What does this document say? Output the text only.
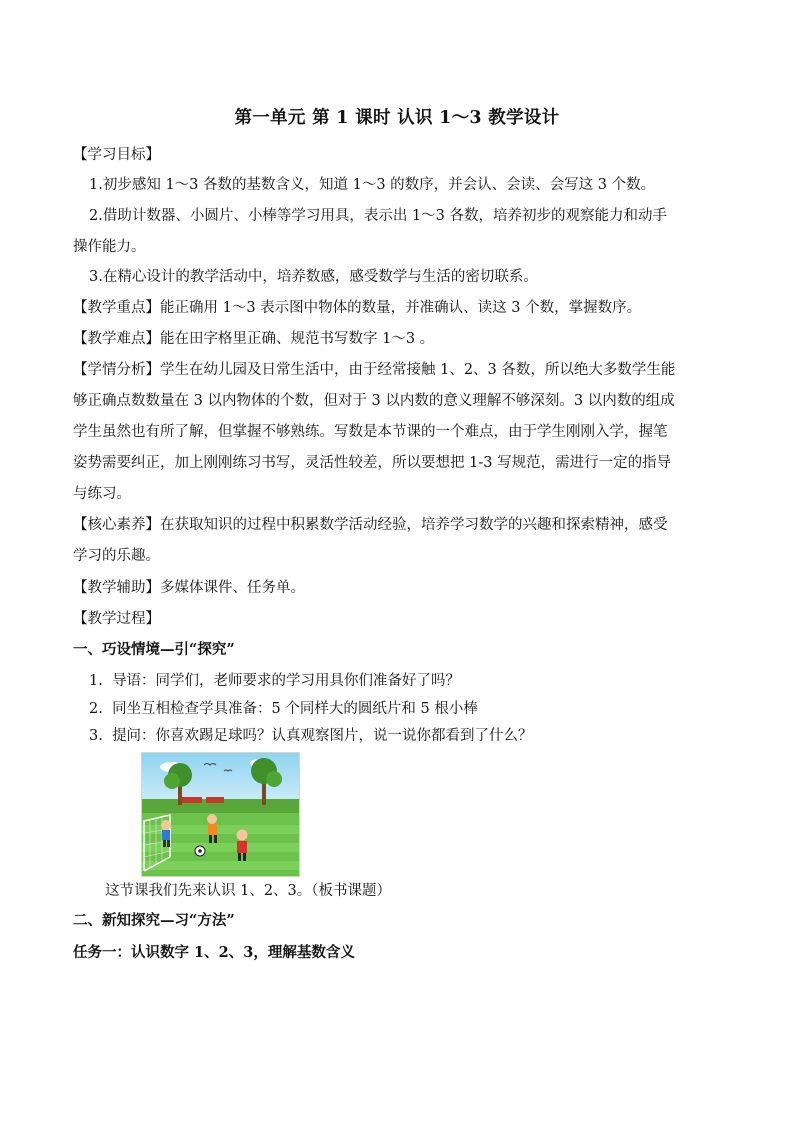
第一单元 第 1 课时 认识 1～3 教学设计
【学习目标】
1.初步感知 1～3 各数的基数含义，知道 1～3 的数序，并会认、会读、会写这 3 个数。
2.借助计数器、小圆片、小棒等学习用具，表示出 1～3 各数，培养初步的观察能力和动手
操作能力。
3.在精心设计的教学活动中，培养数感，感受数学与生活的密切联系。
【教学重点】能正确用 1～3 表示图中物体的数量，并准确认、读这 3 个数，掌握数序。
【教学难点】能在田字格里正确、规范书写数字 1～3 。
【学情分析】学生在幼儿园及日常生活中，由于经常接触 1、2、3 各数，所以绝大多数学生能
够正确点数数量在 3 以内物体的个数，但对于 3 以内数的意义理解不够深刻。3 以内数的组成
学生虽然也有所了解，但掌握不够熟练。写数是本节课的一个难点，由于学生刚刚入学，握笔
姿势需要纠正，加上刚刚练习书写，灵活性较差，所以要想把 1-3 写规范，需进行一定的指导
与练习。
【核心素养】在获取知识的过程中积累数学活动经验，培养学习数学的兴趣和探索精神，感受
学习的乐趣。
【教学辅助】多媒体课件、任务单。
【教学过程】
一、巧设情境—引“探究”
1. 导语：同学们，老师要求的学习用具你们准备好了吗？
2. 同坐互相检查学具准备：5 个同样大的圆纸片和 5 根小棒
3. 提问：你喜欢踢足球吗？认真观察图片，说一说你都看到了什么？
这节课我们先来认识 1、2、3。（板书课题）
二、新知探究—习“方法”
任务一：认识数字 1、2、3，理解基数含义
